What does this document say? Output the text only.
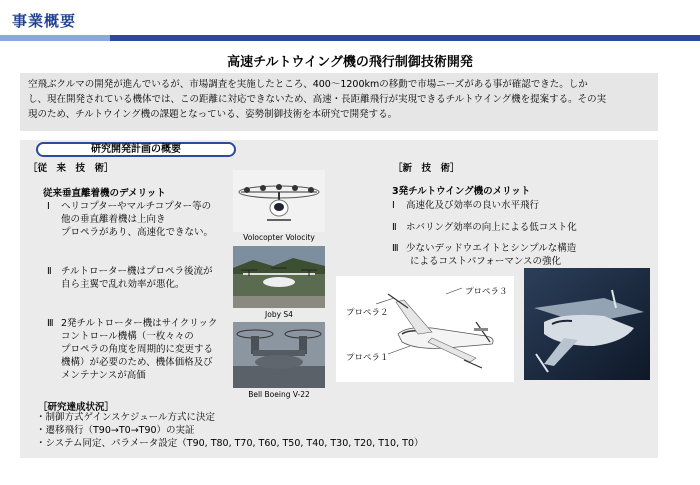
事業概要
高速チルトウイング機の飛行制御技術開発
空飛ぶクルマの開発が進んでいるが、市場調査を実施したところ、400～1200kmの移動で市場ニーズがある事が確認できた。しか
し、現在開発されている機体では、この距離に対応できないため、高速・長距離飛行が実現できるチルトウイング機を提案する。その実
現のため、チルトウイング機の課題となっている、姿勢制御技術を本研究で開発する。
研究開発計画の概要
［従　来　技　術］
従来垂直離着機のデメリット
Ⅰ ヘリコプターやマルチコプター等の
他の垂直離着機は上向き
プロペラがあり、高速化できない。
Ⅱ チルトローター機はプロペラ後流が
自ら主翼で乱れ効率が悪化。
Ⅲ 2発チルトローター機はサイクリック
コントロール機構（一枚々々の
プロペラの角度を周期的に変更する
機構）が必要のため、機体価格及び
メンテナンスが高価
Volocopter Volocity
Joby S4
Bell Boeing V-22
［新　技　術］
3発チルトウイング機のメリット
Ⅰ 高速化及び効率の良い水平飛行
Ⅱ ホバリング効率の向上による低コスト化
Ⅲ 少ないデッドウエイトとシンプルな構造
によるコストパフォーマンスの強化
プロペラ２
プロペラ３
プロペラ１
［研究達成状況］
・制御方式ゲインスケジュール方式に決定
・遷移飛行（T90→T0→T90）の実証
・システム同定、パラメータ設定（T90, T80, T70, T60, T50, T40, T30, T20, T10, T0）
